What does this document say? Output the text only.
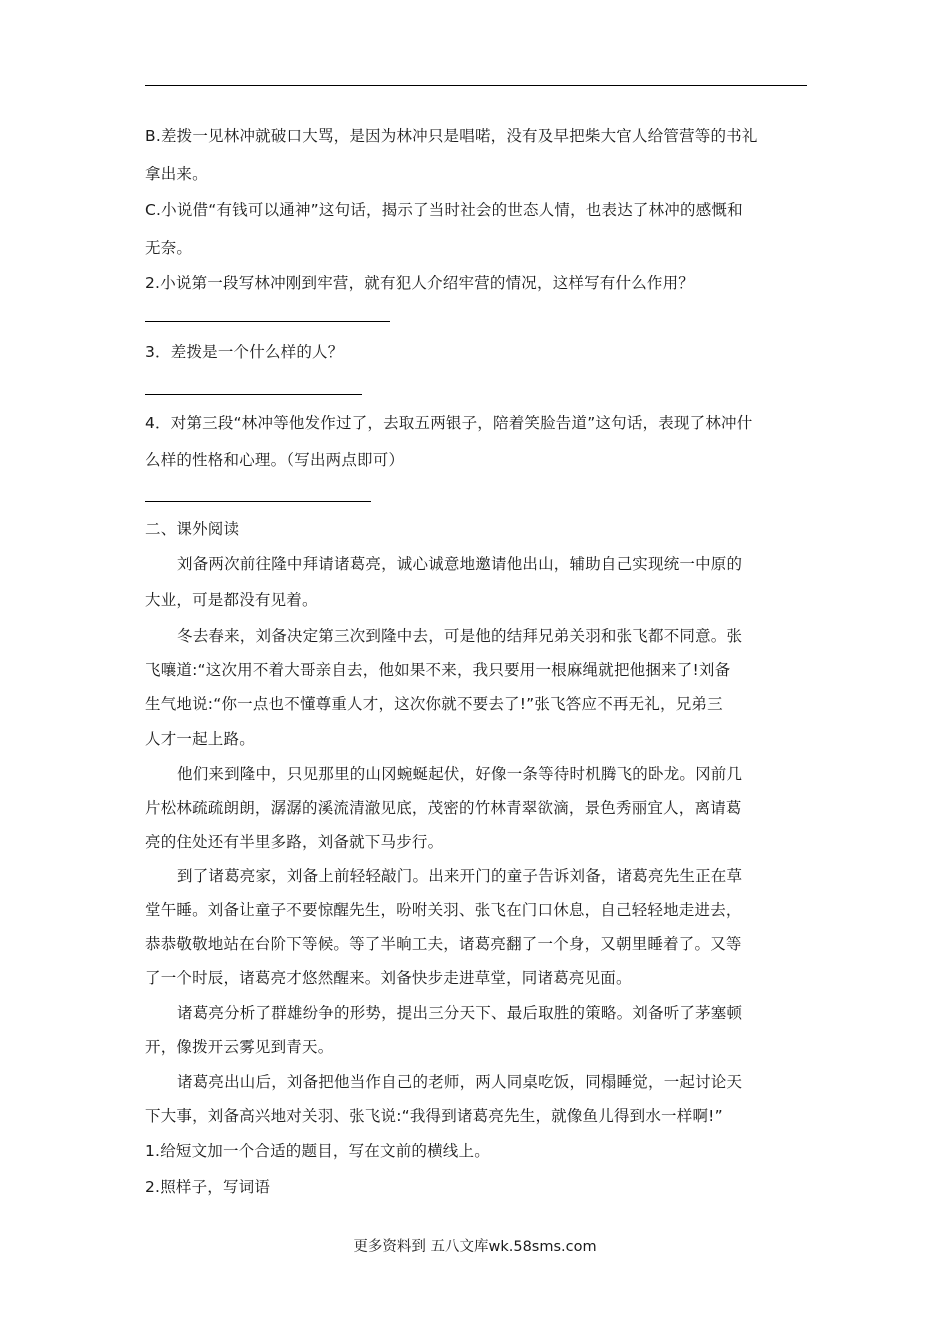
B.差拨一见林冲就破口大骂，是因为林冲只是唱喏，没有及早把柴大官人给管营等的书礼
拿出来。
C.小说借“有钱可以通神”这句话，揭示了当时社会的世态人情，也表达了林冲的感慨和
无奈。
2.小说第一段写林冲刚到牢营，就有犯人介绍牢营的情况，这样写有什么作用？
3．差拨是一个什么样的人？
4．对第三段“林冲等他发作过了，去取五两银子，陪着笑脸告道”这句话，表现了林冲什
么样的性格和心理。（写出两点即可）
二、课外阅读
刘备两次前往隆中拜请诸葛亮，诚心诚意地邀请他出山，辅助自己实现统一中原的
大业，可是都没有见着。
冬去春来，刘备决定第三次到隆中去，可是他的结拜兄弟关羽和张飞都不同意。张
飞嚷道:“这次用不着大哥亲自去，他如果不来，我只要用一根麻绳就把他捆来了!刘备
生气地说:“你一点也不懂尊重人才，这次你就不要去了!”张飞答应不再无礼，兄弟三
人才一起上路。
他们来到隆中，只见那里的山冈蜿蜒起伏，好像一条等待时机腾飞的卧龙。冈前几
片松林疏疏朗朗，潺潺的溪流清澈见底，茂密的竹林青翠欲滴，景色秀丽宜人，离请葛
亮的住处还有半里多路，刘备就下马步行。
到了诸葛亮家，刘备上前轻轻敲门。出来开门的童子告诉刘备，诸葛亮先生正在草
堂午睡。刘备让童子不要惊醒先生，吩咐关羽、张飞在门口休息，自己轻轻地走进去，
恭恭敬敬地站在台阶下等候。等了半晌工夫，诸葛亮翻了一个身，又朝里睡着了。又等
了一个时辰，诸葛亮才悠然醒来。刘备快步走进草堂，同诸葛亮见面。
诸葛亮分析了群雄纷争的形势，提出三分天下、最后取胜的策略。刘备听了茅塞顿
开，像拨开云雾见到青天。
诸葛亮出山后，刘备把他当作自己的老师，两人同桌吃饭，同榻睡觉，一起讨论天
下大事，刘备高兴地对关羽、张飞说:“我得到诸葛亮先生，就像鱼儿得到水一样啊!”
1.给短文加一个合适的题目，写在文前的横线上。
2.照样子，写词语
更多资料到 五八文库wk.58sms.com
